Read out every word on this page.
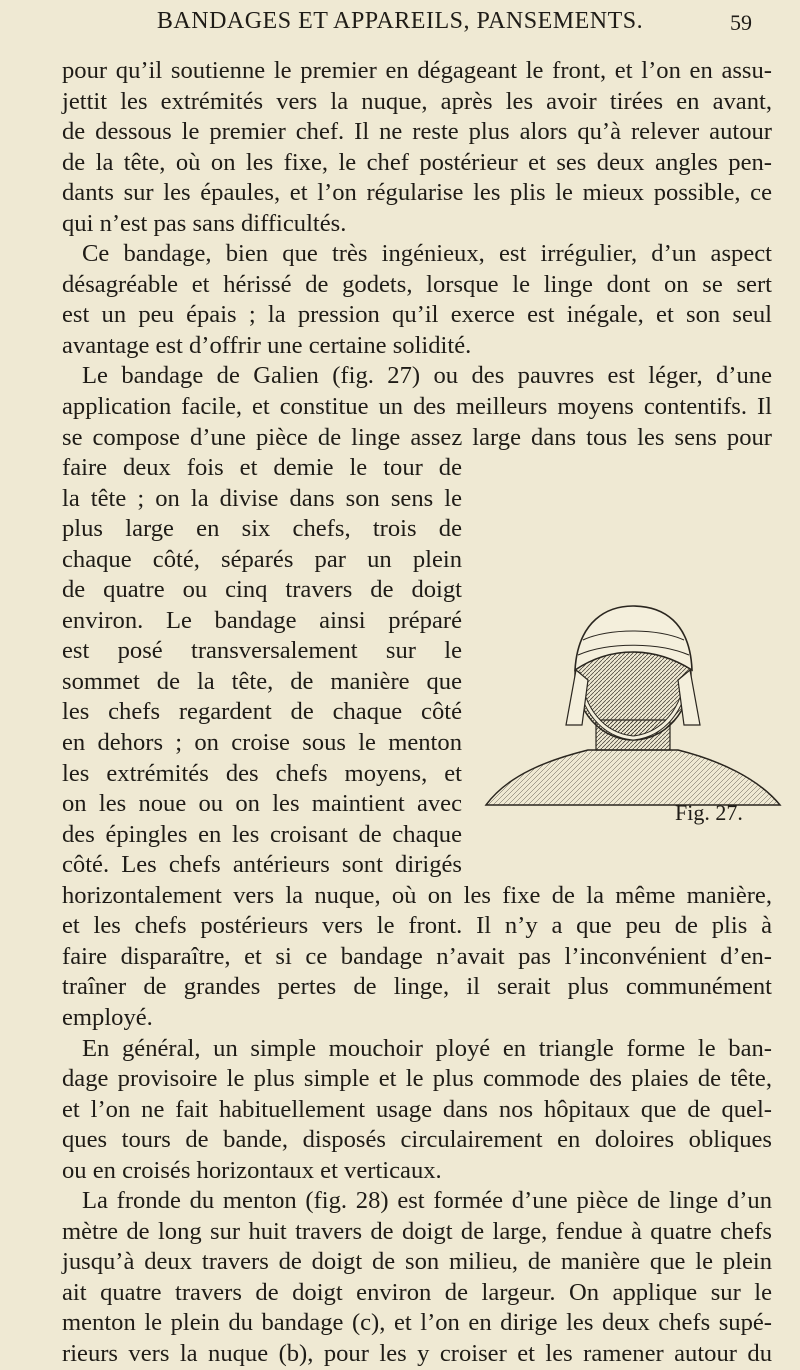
BANDAGES ET APPAREILS, PANSEMENTS.	59
pour qu’il soutienne le premier en dégageant le front, et l’on en assu-
jettit les extrémités vers la nuque, après les avoir tirées en avant,
de dessous le premier chef. Il ne reste plus alors qu’à relever autour
de la tête, où on les fixe, le chef postérieur et ses deux angles pen-
dants sur les épaules, et l’on régularise les plis le mieux possible, ce
qui n’est pas sans difficultés.
Ce bandage, bien que très ingénieux, est irrégulier, d’un aspect
désagréable et hérissé de godets, lorsque le linge dont on se sert
est un peu épais ; la pression qu’il exerce est inégale, et son seul
avantage est d’offrir une certaine solidité.
Le bandage de Galien (fig. 27) ou des pauvres est léger, d’une
application facile, et constitue un des meilleurs moyens contentifs. Il
se compose d’une pièce de linge assez large dans tous les sens pour
faire deux fois et demie le tour de
la tête ; on la divise dans son sens le
plus large en six chefs, trois de
chaque côté, séparés par un plein
de quatre ou cinq travers de doigt
environ. Le bandage ainsi préparé
est posé transversalement sur le
sommet de la tête, de manière que
les chefs regardent de chaque côté
en dehors ; on croise sous le menton
les extrémités des chefs moyens, et
on les noue ou on les maintient avec
des épingles en les croisant de chaque
côté. Les chefs antérieurs sont dirigés
horizontalement vers la nuque, où on les fixe de la même manière,
et les chefs postérieurs vers le front. Il n’y a que peu de plis à
faire disparaître, et si ce bandage n’avait pas l’inconvénient d’en-
traîner de grandes pertes de linge, il serait plus communément
employé.
En général, un simple mouchoir ployé en triangle forme le ban-
dage provisoire le plus simple et le plus commode des plaies de tête,
et l’on ne fait habituellement usage dans nos hôpitaux que de quel-
ques tours de bande, disposés circulairement en doloires obliques
ou en croisés horizontaux et verticaux.
La fronde du menton (fig. 28) est formée d’une pièce de linge d’un
mètre de long sur huit travers de doigt de large, fendue à quatre chefs
jusqu’à deux travers de doigt de son milieu, de manière que le plein
ait quatre travers de doigt environ de largeur. On applique sur le
menton le plein du bandage (c), et l’on en dirige les deux chefs supé-
rieurs vers la nuque (b), pour les y croiser et les ramener autour du
Fig. 27.
